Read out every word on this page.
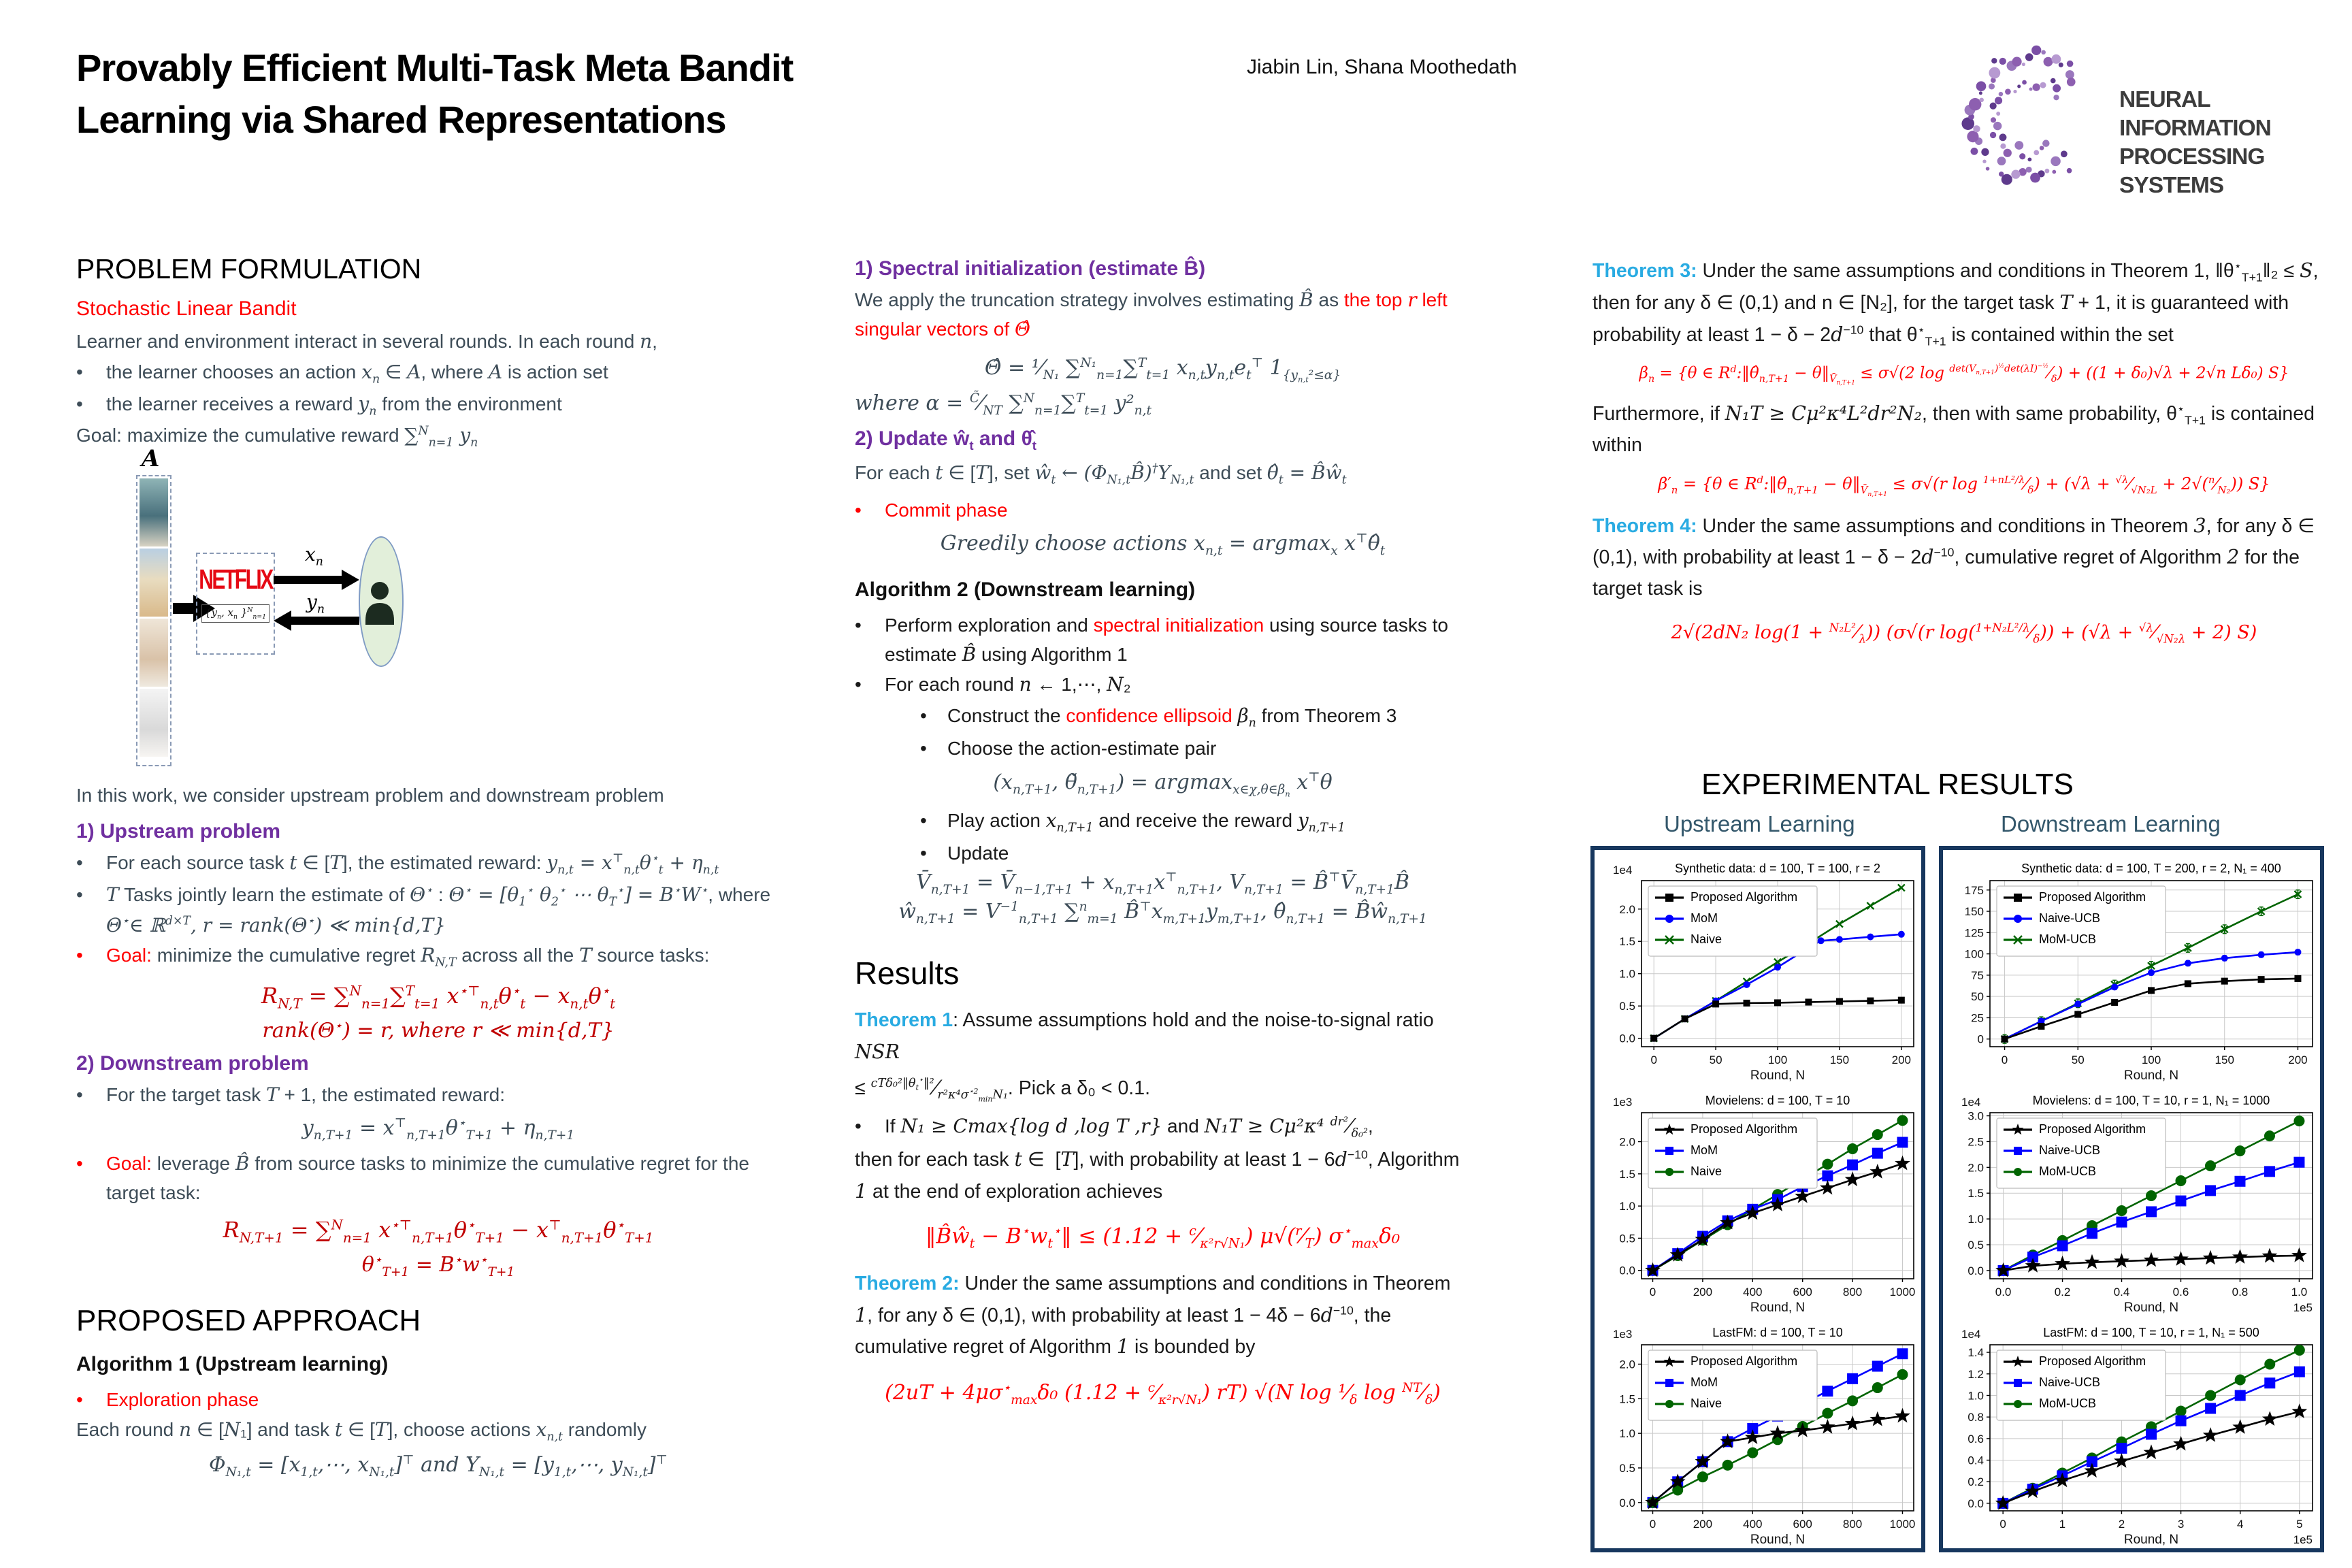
Provably Efficient Multi-Task Meta Bandit
Learning via Shared Representations
Jiabin Lin, Shana Moothedath
NEURAL INFORMATION
PROCESSING SYSTEMS
PROBLEM FORMULATION
Stochastic Linear Bandit
Learner and environment interact in several rounds. In each round n,
•	the learner chooses an action $x_n$ ∈ A, where A is action set
•	the learner receives a reward $y_n$ from the environment
Goal: maximize the cumulative reward ∑$^N_{n=1}$ $y_n$
A
NETFLIX
{$y_n$, $x_n$ }$^N_{n=1}$
$x_n$
$y_n$
In this work, we consider upstream problem and downstream problem
1) Upstream problem
•	For each source task t ∈ [T], the estimated reward: $y_{n,t} = x^⊤_{n,t}\theta^⋆_t + \eta_{n,t}$
•	T Tasks jointly learn the estimate of Θ⋆ : $\Theta^⋆ = [\theta_1^⋆$ $\theta_2^⋆$ ⋯ $\theta_T^⋆] = B^⋆W^⋆$, where  Θ⋆∈ ℝ$^{d\times T}$, r = rank(Θ⋆) ≪ min{d,T}
•	Goal: minimize the cumulative regret $R_{N,T}$ across all the T source tasks:
$R_{N,T} = \sum^N_{n=1}\sum^T_{t=1}$ $x^{⋆⊤}_{n,t}\theta^⋆_t - x_{n,t}\theta^⋆_t$
rank(Θ⋆) = r, where r ≪ min{d,T}
2) Downstream problem
•	For the target task T + 1, the estimated reward:
$y_{n,T+1} = x^⊤_{n,T+1}\theta^⋆_{T+1} + \eta_{n,T+1}$
•	Goal: leverage B̂ from source tasks to minimize the cumulative regret for the target task:
$R_{N,T+1} = \sum^N_{n=1}$ $x^{⋆⊤}_{n,T+1}\theta^⋆_{T+1} - x^⊤_{n,T+1}\theta^⋆_{T+1}$
$\theta^⋆_{T+1} = B^⋆w^⋆_{T+1}$
PROPOSED APPROACH
Algorithm 1 (Upstream learning)
•	Exploration phase
Each round n ∈ [N₁] and task t ∈ [T], choose actions $x_{n,t}$ randomly
$\Phi_{N_1,t}$ = [$x_{1,t},\cdots$, $x_{N_1,t}]^⊤$ and $Y_{N_1,t}$ = [$y_{1,t},\cdots$, $y_{N_1,t}]^⊤$
1) Spectral initialization (estimate B̂)
We apply the truncation strategy involves estimating B̂ as the top r left singular vectors of Θ̂
Θ̂ = $^1⁄_{N_1}$ ∑$^{N_1}_{n=1}$∑$^T_{t=1}$ $x_{n,t}y_{n,t}e_t^⊤$ $1_{\{y_{n,t}^2\le\alpha\}}$
where $\alpha = ^{C̃}⁄_{NT}$ ∑$^N_{n=1}$∑$^T_{t=1}$ $y^2_{n,t}$
2) Update $ŵ_t$ and $\thetâ_t$
For each t ∈ [T], set $ŵ_t$ ← $(\Phi_{N_1,t}B̂)^\dagger Y_{N_1,t}$ and set $\thetâ_t$ = $B̂ŵ_t$
•	Commit phase
Greedily choose actions $x_{n,t} = argmax_x$ $x^⊤\thetâ_t$
Algorithm 2 (Downstream learning)
•	Perform exploration and spectral initialization using source tasks to estimate B̂ using Algorithm 1
•	For each round n ← 1,⋯, N₂
•	Construct the confidence ellipsoid $\beta_n$ from Theorem 3
•	Choose the action-estimate pair
($x_{n,T+1}$, $\thetã_{n,T+1}) = argmax_{x\in\chi,\theta\in\beta_n}$ x⊤θ
•	Play action $x_{n,T+1}$ and receive the reward $y_{n,T+1}$
•	Update
$V̄_{n,T+1}$ = $V̄_{n-1,T+1} + x_{n,T+1}x^⊤_{n,T+1}$, $V_{n,T+1}$ = $B̂^⊤V̄_{n,T+1}B̂$
$ŵ_{n,T+1} = V^{-1}_{n,T+1}$ ∑$^n_{m=1}$ $B̂^⊤x_{m,T+1}y_{m,T+1}$, $\thetâ_{n,T+1}$ = $B̂ŵ_{n,T+1}$
Results
Theorem 1: Assume assumptions hold and the noise-to-signal ratio NSR
≤ $^{cT\delta_0^2‖\theta_t^⋆‖^2}⁄_{r^2\kappa^4\sigma^{⋆2}_{min}N_1}$. Pick a δ₀ < 0.1.
•	If N₁ ≥ Cmax{log d ,log T ,r} and N₁T ≥ Cμ²κ⁴ $^{dr^2}⁄_{\delta_0^2}$,
then for each task t ∈  [T], with probability at least $1 - 6d^{-10}$, Algorithm 1 at the end of exploration achieves
$‖B̂ŵ_t$ − $B^⋆w_t^⋆‖ \le (1.12$ + $^c⁄_{\kappa^2r√N_1}$) $\mu√(^r⁄_T)$ $\sigma^⋆_{max}\delta_0$
Theorem 2: Under the same assumptions and conditions in Theorem 1, for any δ ∈ (0,1), with probability at least $1 - 4\delta - 6d^{-10}$, the cumulative regret of Algorithm 1 is bounded by
($2uT + 4\mu\sigma^⋆_{max}\delta_0$ $(1.12 + ^c⁄_{\kappa^2r√N_1})$ rT) √(N $\log ^1⁄_\delta$ $\log ^{NT}⁄_\delta$)
Theorem 3: Under the same assumptions and conditions in Theorem 1, $‖\theta^⋆_{T+1}‖_2 \le S$, then for any δ ∈ (0,1) and n ∈ [N₂], for the target task T + 1, it is guaranteed with probability at least $1 - \delta - 2d^{-10}$ that $\theta^⋆_{T+1}$ is contained within the set
$\beta_n = \{\theta$ ∈ $R^d:‖\thetâ_{n,T+1}$ − $\theta‖_{V̄_{n,T+1}} \le \sigma√(2$ $\log ^{det(V_{n,T+1})^{\frac{1}{2}}det(\lambda I)^{-\frac{1}{2}}}⁄_\delta) + ((1 + \delta_0)√\lambda + 2√n$ Lδ₀) S}
Furthermore, if N₁T ≥ Cμ²κ⁴L²dr²N₂, then with same probability, $\theta^⋆_{T+1}$ is contained within
$\beta'_n = \{\theta$ ∈ $R^d:‖\thetâ_{n,T+1}$ − $\theta‖_{V̄_{n,T+1}} \le \sigma√(r$ $\log ^{1+nL^2/\lambda}⁄_\delta) + (√\lambda$ + $^{√\lambda}⁄_{√N_2L}$ + $2√(^n⁄_{N_2})$) S}
Theorem 4: Under the same assumptions and conditions in Theorem 3, for any δ ∈ (0,1), with probability at least $1 - \delta - 2d^{-10}$, cumulative regret of Algorithm 2 for the target task is
2√(2dN₂ $\log(1 + ^{N_2L^2}⁄_\lambda)$) (σ√(r $\log(^{1+N_2L^2/\lambda}⁄_\delta)) + (√\lambda$ + $^{√\lambda}⁄_{√N_2\lambda} + 2$) S)
EXPERIMENTAL RESULTS
Upstream Learning	Downstream Learning
0	50	100	150	200
0.0
0.5
1.0
1.5
2.0
Synthetic data: d = 100, T = 100, r = 2
1e4
Round, N
Proposed Algorithm
MoM
Naive
0	200	400	600	800 1000
0.0
0.5
1.0
1.5
2.0
Movielens: d = 100, T = 10
1e3
Round, N
Proposed Algorithm
MoM
Naive
0	200	400	600	800 1000
0.0
0.5
1.0
1.5
2.0
LastFM: d = 100, T = 10
1e3
Round, N
Proposed Algorithm
MoM
Naive
0	50	100	150	200
0
25
50
75
100
125
150
175
Synthetic data: d = 100, T = 200, r = 2, N₁ = 400
Round, N
Proposed Algorithm
Naive-UCB
MoM-UCB
0.0	0.2	0.4	0.6	0.8	1.0
0.0
0.5
1.0
1.5
2.0
2.5
3.0
Movielens: d = 100, T = 10, r = 1, N₁ = 1000
1e4
1e5
Round, N
Proposed Algorithm
Naive-UCB
MoM-UCB
0	1	2	3	4	5
0.0
0.2
0.4
0.6
0.8
1.0
1.2
1.4
LastFM: d = 100, T = 10, r = 1, N₁ = 500
1e4
1e5
Round, N
Proposed Algorithm
Naive-UCB
MoM-UCB
